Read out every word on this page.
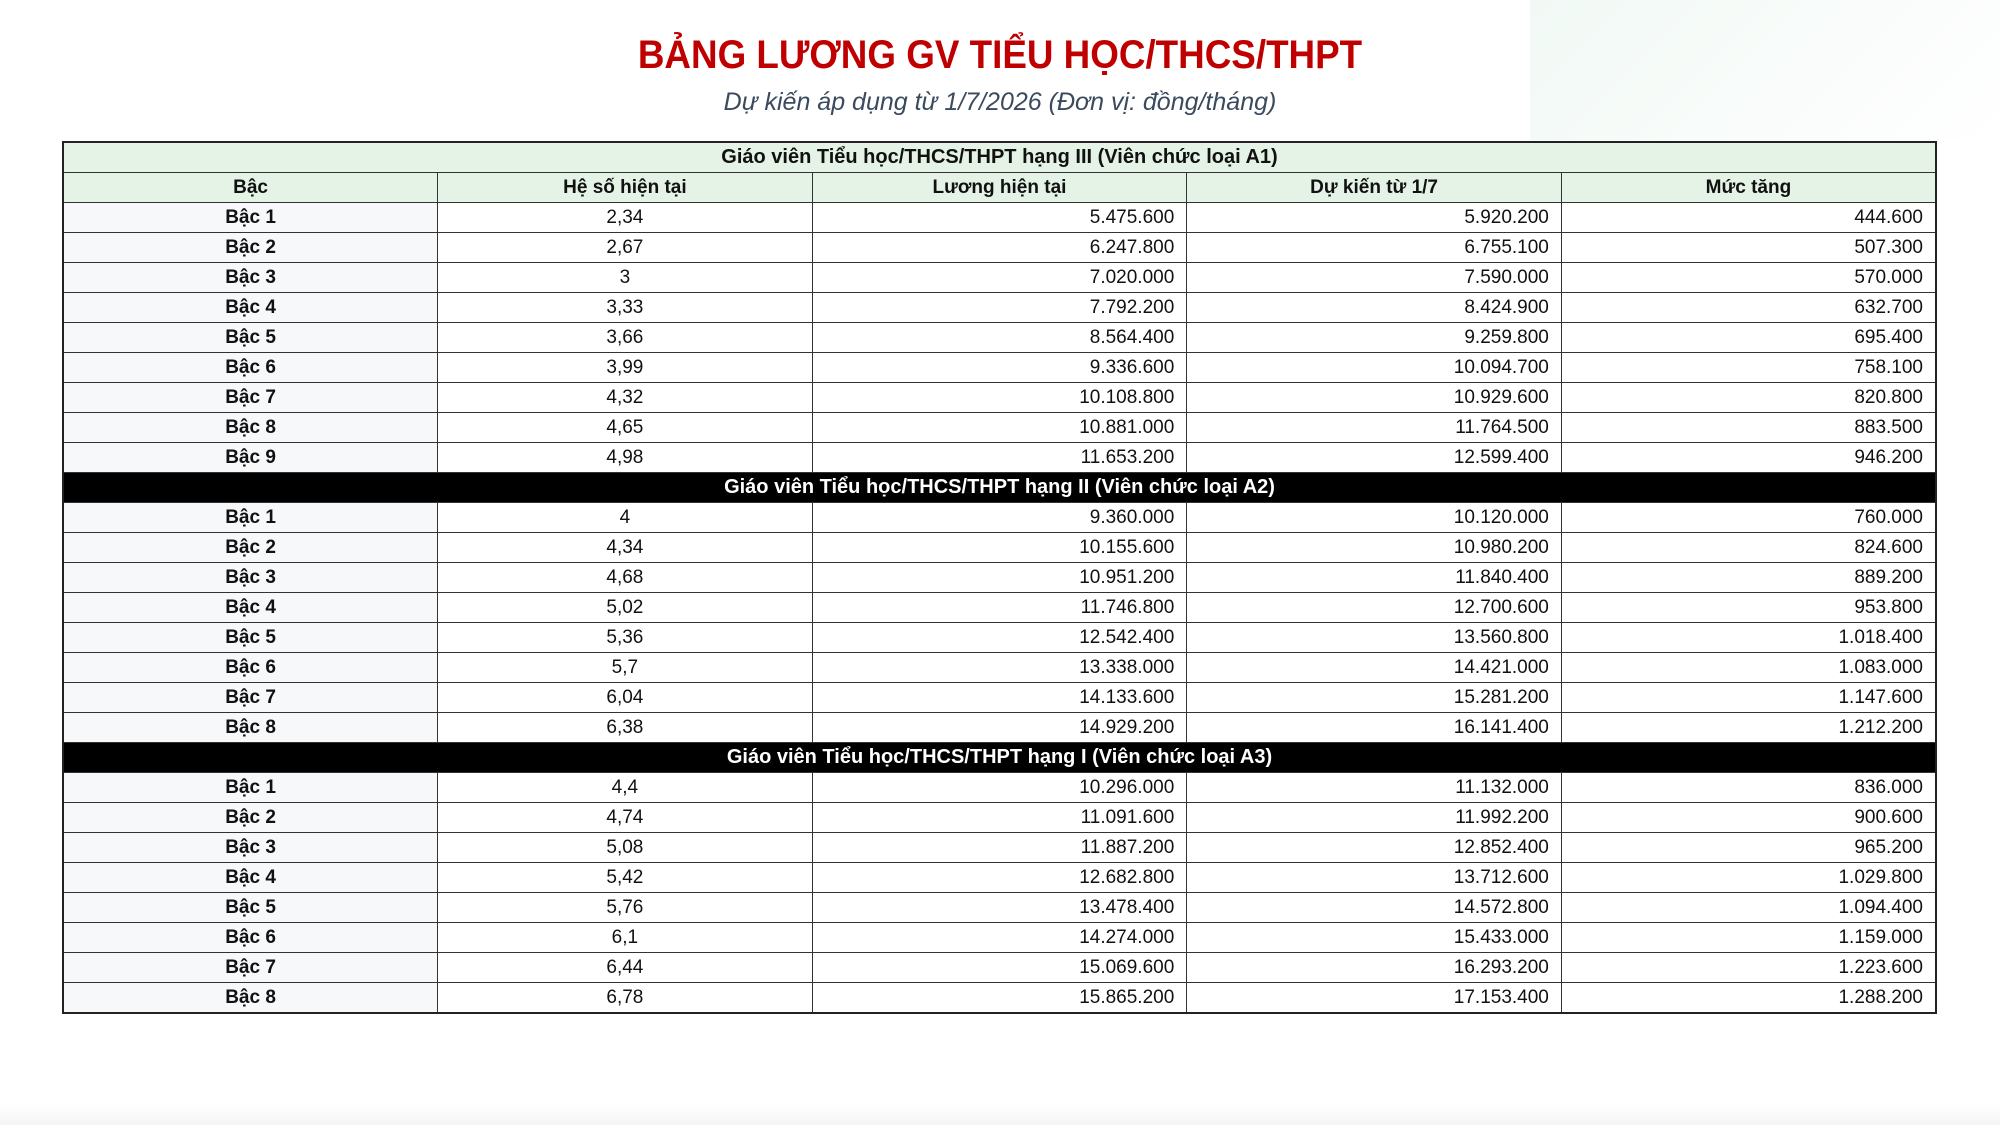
BẢNG LƯƠNG GV TIỂU HỌC/THCS/THPT
Dự kiến áp dụng từ 1/7/2026 (Đơn vị: đồng/tháng)
Giáo viên Tiểu học/THCS/THPT hạng III (Viên chức loại A1)				
Bậc	Hệ số hiện tại	Lương hiện tại	Dự kiến từ 1/7	Mức tăng
Bậc 1	2,34	5.475.600	5.920.200	444.600
Bậc 2	2,67	6.247.800	6.755.100	507.300
Bậc 3	3	7.020.000	7.590.000	570.000
Bậc 4	3,33	7.792.200	8.424.900	632.700
Bậc 5	3,66	8.564.400	9.259.800	695.400
Bậc 6	3,99	9.336.600	10.094.700	758.100
Bậc 7	4,32	10.108.800	10.929.600	820.800
Bậc 8	4,65	10.881.000	11.764.500	883.500
Bậc 9	4,98	11.653.200	12.599.400	946.200
Giáo viên Tiểu học/THCS/THPT hạng II (Viên chức loại A2)				
Bậc 1	4	9.360.000	10.120.000	760.000
Bậc 2	4,34	10.155.600	10.980.200	824.600
Bậc 3	4,68	10.951.200	11.840.400	889.200
Bậc 4	5,02	11.746.800	12.700.600	953.800
Bậc 5	5,36	12.542.400	13.560.800	1.018.400
Bậc 6	5,7	13.338.000	14.421.000	1.083.000
Bậc 7	6,04	14.133.600	15.281.200	1.147.600
Bậc 8	6,38	14.929.200	16.141.400	1.212.200
Giáo viên Tiểu học/THCS/THPT hạng I (Viên chức loại A3)				
Bậc 1	4,4	10.296.000	11.132.000	836.000
Bậc 2	4,74	11.091.600	11.992.200	900.600
Bậc 3	5,08	11.887.200	12.852.400	965.200
Bậc 4	5,42	12.682.800	13.712.600	1.029.800
Bậc 5	5,76	13.478.400	14.572.800	1.094.400
Bậc 6	6,1	14.274.000	15.433.000	1.159.000
Bậc 7	6,44	15.069.600	16.293.200	1.223.600
Bậc 8	6,78	15.865.200	17.153.400	1.288.200
